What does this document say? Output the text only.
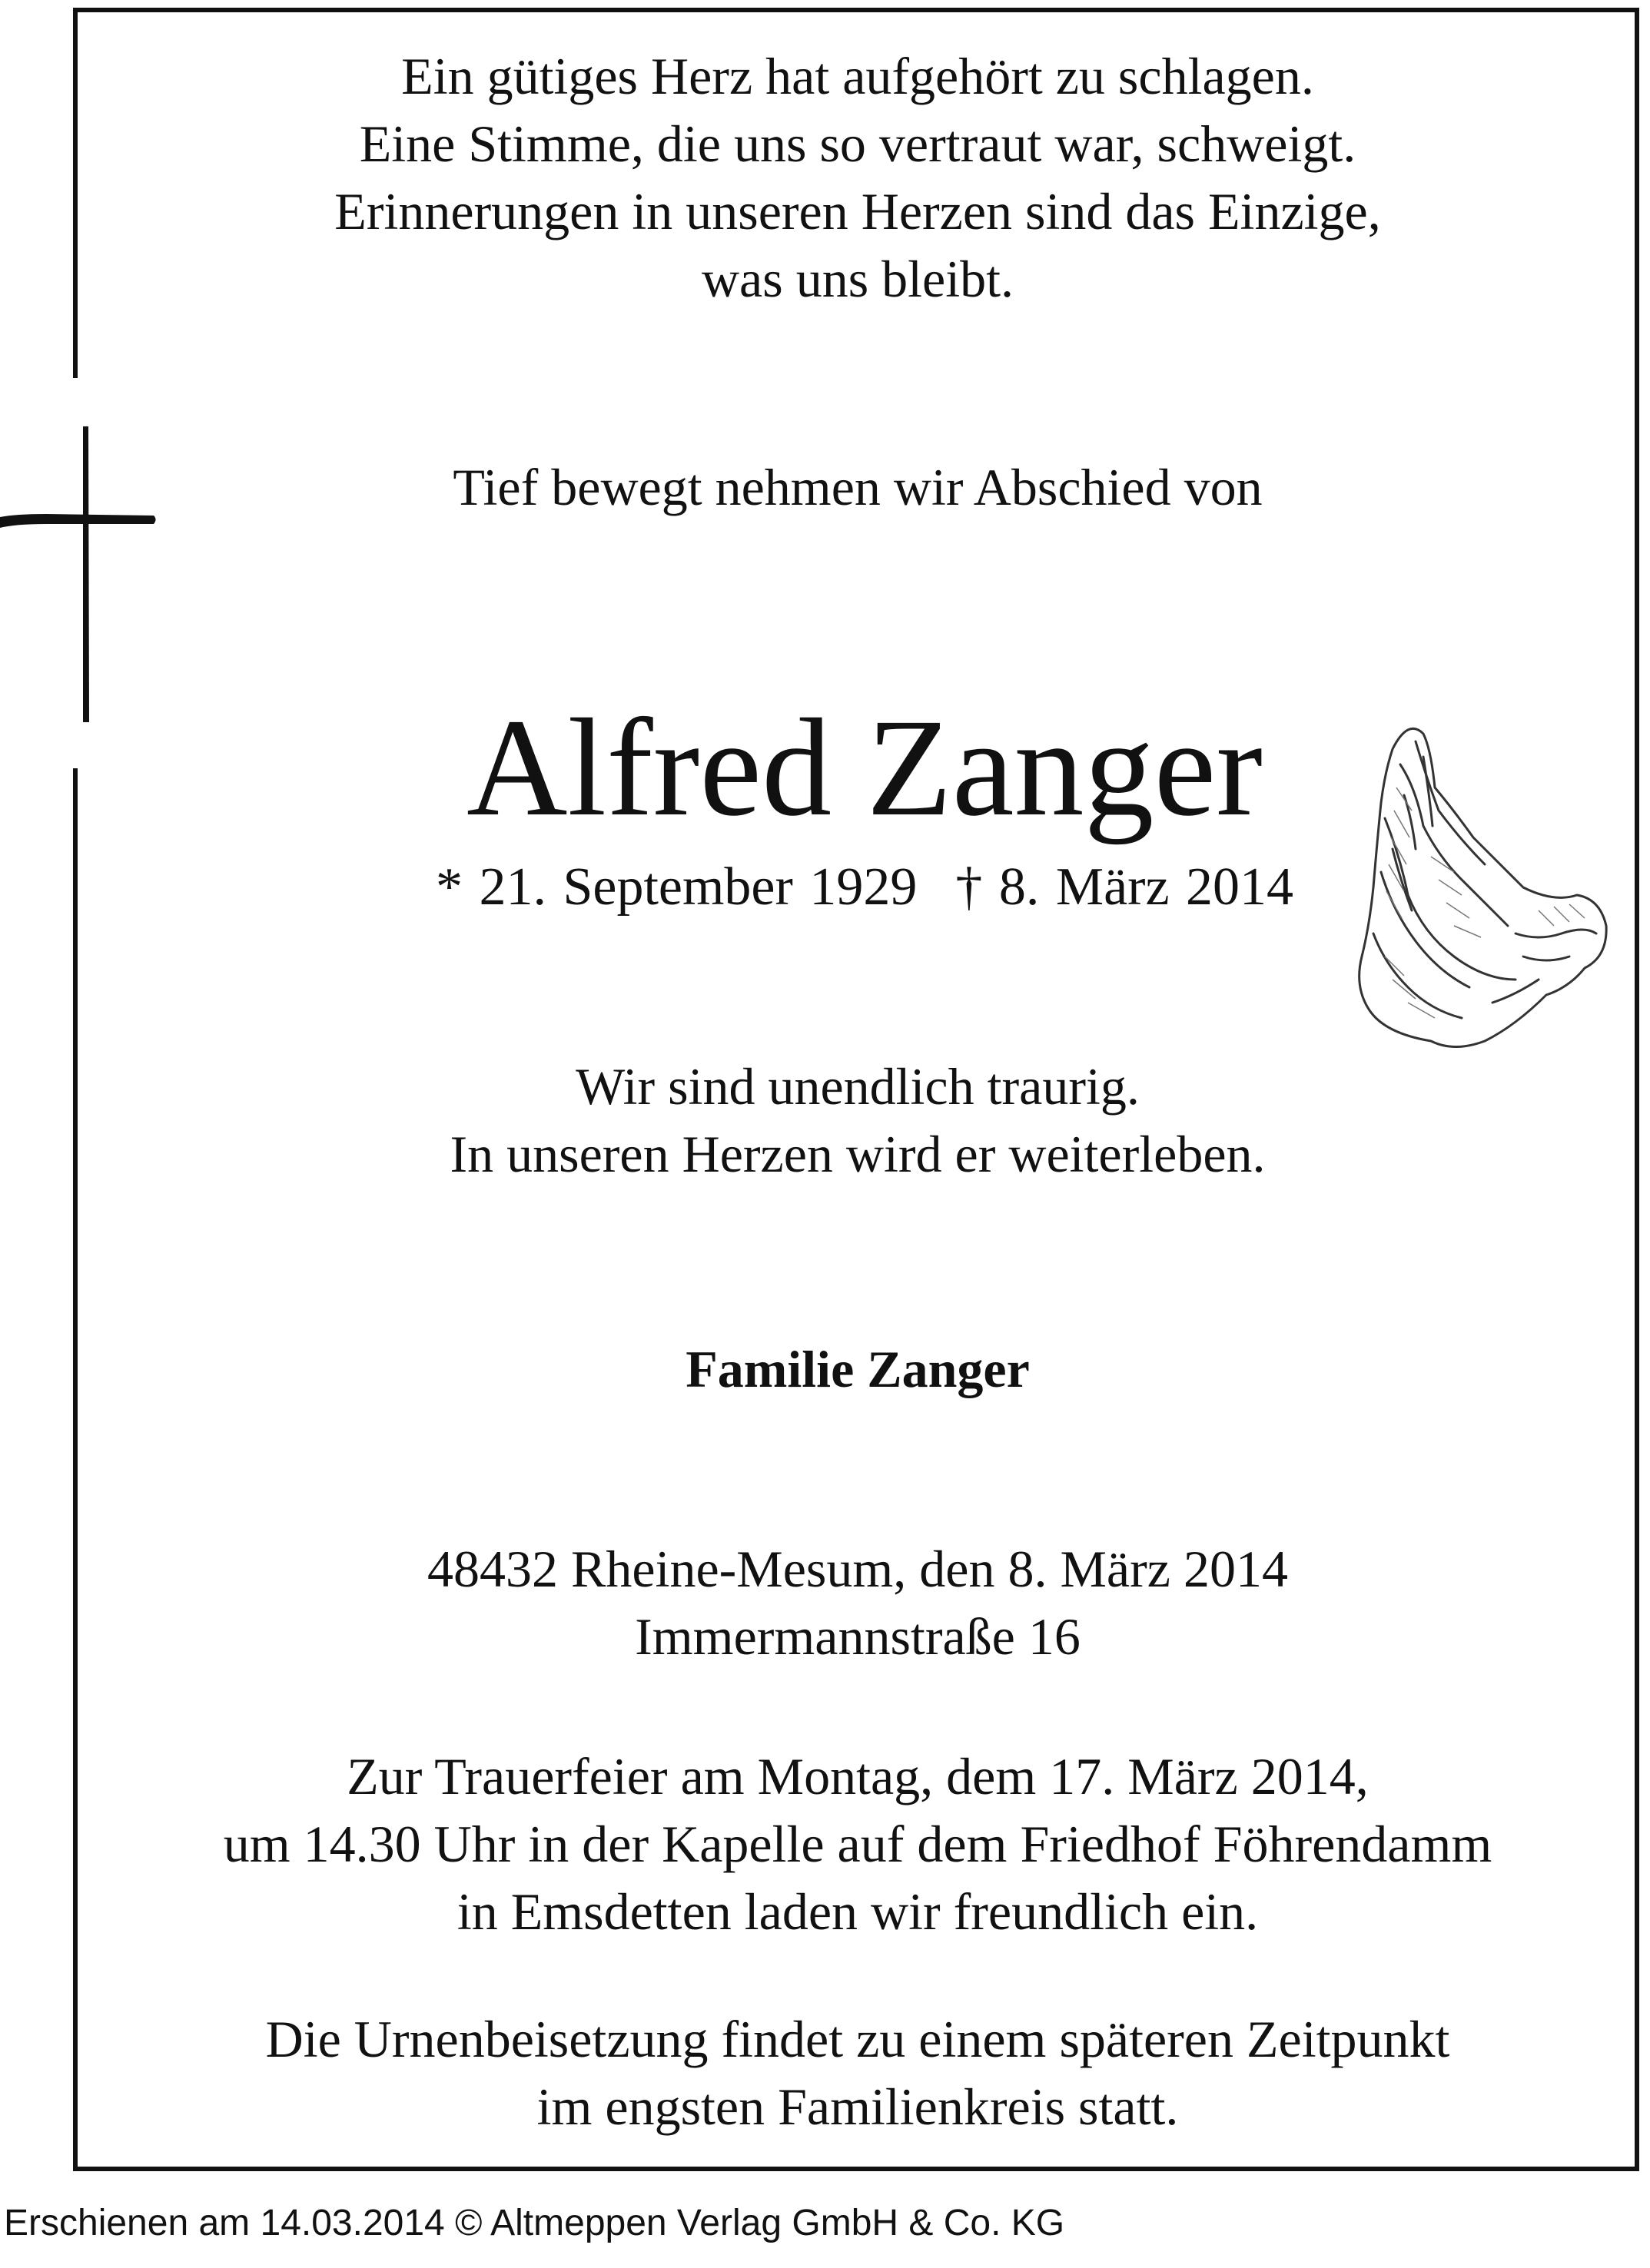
Ein gütiges Herz hat aufgehört zu schlagen.
Eine Stimme, die uns so vertraut war, schweigt.
Erinnerungen in unseren Herzen sind das Einzige,
was uns bleibt.
Tief bewegt nehmen wir Abschied von
Alfred Zanger
* 21. September 1929 † 8. März 2014
Wir sind unendlich traurig.
In unseren Herzen wird er weiterleben.
Familie Zanger
48432 Rheine-Mesum, den 8. März 2014
Immermannstraße 16
Zur Trauerfeier am Montag, dem 17. März 2014,
um 14.30 Uhr in der Kapelle auf dem Friedhof Föhrendamm
in Emsdetten laden wir freundlich ein.
Die Urnenbeisetzung findet zu einem späteren Zeitpunkt
im engsten Familienkreis statt.
Erschienen am 14.03.2014 © Altmeppen Verlag GmbH & Co. KG
